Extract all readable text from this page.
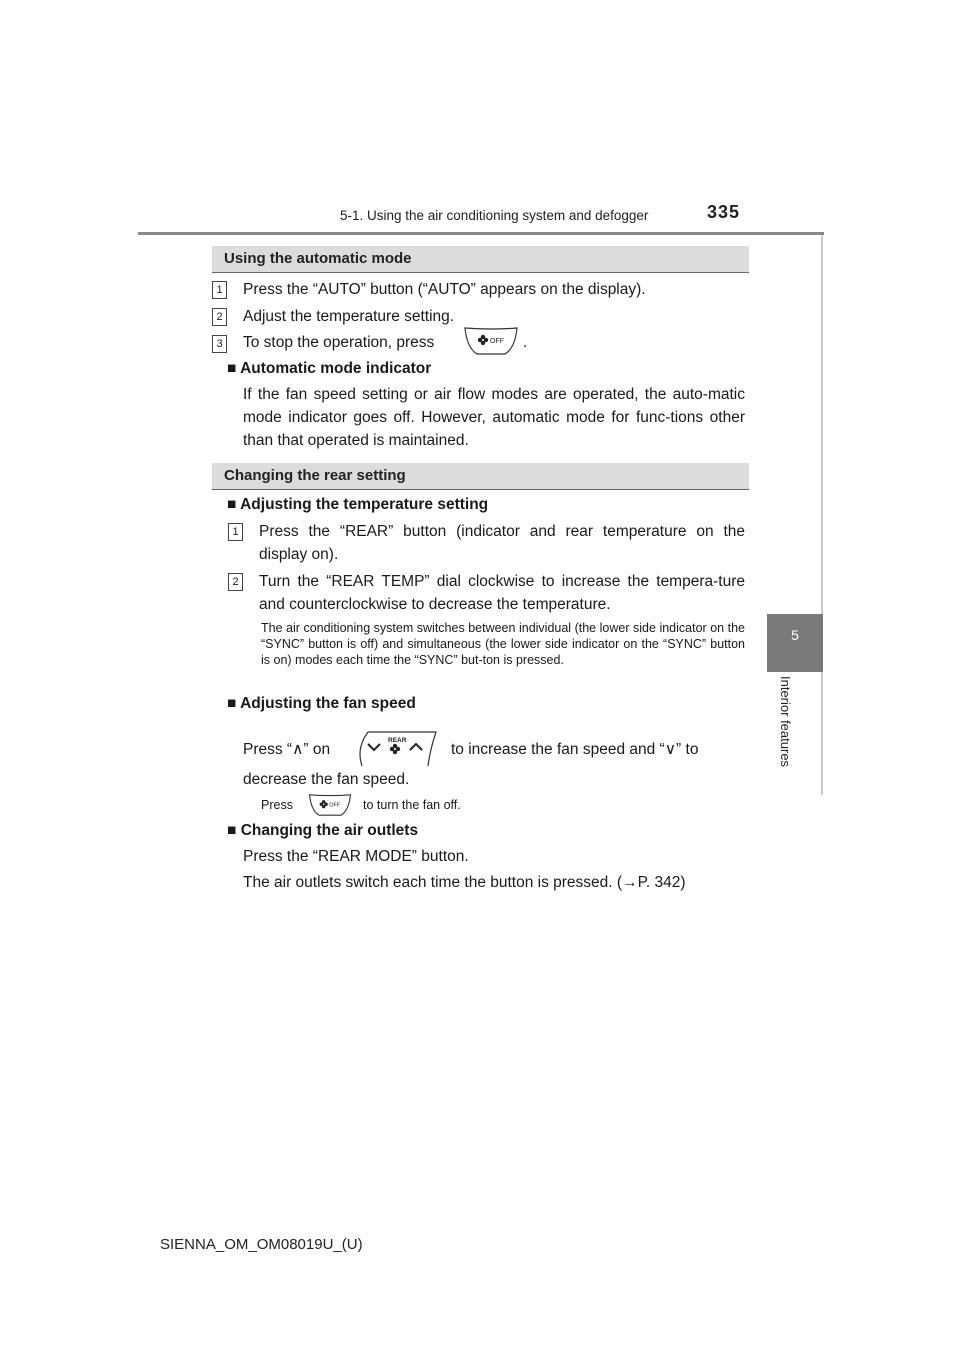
5-1. Using the air conditioning system and defogger	335
5
Interior features
Using the automatic mode
1 Press the “AUTO” button (“AUTO” appears on the display).
2 Adjust the temperature setting.
3 To stop the operation, press	OFF .
■ Automatic mode indicator
If the fan speed setting or air flow modes are operated, the auto-matic mode indicator goes off. However, automatic mode for func-tions other than that operated is maintained.
Changing the rear setting
■ Adjusting the temperature setting
1 Press the “REAR” button (indicator and rear temperature on the display on).
2 Turn the “REAR TEMP” dial clockwise to increase the tempera-ture and counterclockwise to decrease the temperature.
The air conditioning system switches between individual (the lower side indicator on the “SYNC” button is off) and simultaneous (the lower side indicator on the “SYNC” button is on) modes each time the “SYNC” but-ton is pressed.
■ Adjusting the fan speed
Press “∧” on
REAR
to increase the fan speed and “∨” to
decrease the fan speed.
Press	OFF to turn the fan off.
■ Changing the air outlets
Press the “REAR MODE” button.
The air outlets switch each time the button is pressed. (→P. 342)
SIENNA_OM_OM08019U_(U)
